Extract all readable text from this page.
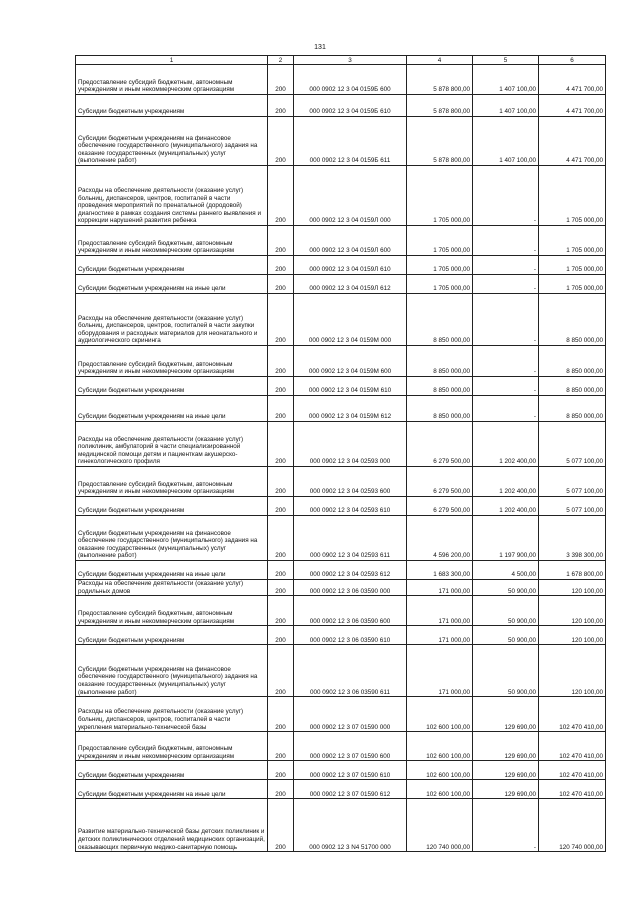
131
1	2	3	4	5	6
Предоставление субсидий бюджетным, автономным учреждениям и иным некоммерческим организациям	200	000 0902 12 3 04 0159Б 600	5 878 800,00	1 407 100,00	4 471 700,00
Субсидии бюджетным учреждениям	200	000 0902 12 3 04 0159Б 610	5 878 800,00	1 407 100,00	4 471 700,00
Субсидии бюджетным учреждениям на финансовое обеспечение государственного (муниципального) задания на оказание государственных (муниципальных) услуг (выполнение работ)	200	000 0902 12 3 04 0159Б 611	5 878 800,00	1 407 100,00	4 471 700,00
Расходы на обеспечение деятельности (оказание услуг) больниц, диспансеров, центров, госпиталей в части проведения мероприятий по пренатальной (дородовой) диагностике в рамках создания системы раннего выявления и коррекции нарушений развития ребенка	200	000 0902 12 3 04 0159Л 000	1 705 000,00	-	1 705 000,00
Предоставление субсидий бюджетным, автономным учреждениям и иным некоммерческим организациям	200	000 0902 12 3 04 0159Л 600	1 705 000,00	-	1 705 000,00
Субсидии бюджетным учреждениям	200	000 0902 12 3 04 0159Л 610	1 705 000,00	-	1 705 000,00
Субсидии бюджетным учреждениям на иные цели	200	000 0902 12 3 04 0159Л 612	1 705 000,00	-	1 705 000,00
Расходы на обеспечение деятельности (оказание услуг) больниц, диспансеров, центров, госпиталей в части закупки оборудования и расходных материалов для неонатального и аудиологического скрининга	200	000 0902 12 3 04 0159М 000	8 850 000,00	-	8 850 000,00
Предоставление субсидий бюджетным, автономным учреждениям и иным некоммерческим организациям	200	000 0902 12 3 04 0159М 600	8 850 000,00	-	8 850 000,00
Субсидии бюджетным учреждениям	200	000 0902 12 3 04 0159М 610	8 850 000,00	-	8 850 000,00
Субсидии бюджетным учреждениям на иные цели	200	000 0902 12 3 04 0159М 612	8 850 000,00	-	8 850 000,00
Расходы на обеспечение деятельности (оказание услуг) поликлиник, амбулаторий в части специализированной медицинской помощи детям и пациенткам акушерско-гинекологического профиля	200	000 0902 12 3 04 02593 000	6 279 500,00	1 202 400,00	5 077 100,00
Предоставление субсидий бюджетным, автономным учреждениям и иным некоммерческим организациям	200	000 0902 12 3 04 02593 600	6 279 500,00	1 202 400,00	5 077 100,00
Субсидии бюджетным учреждениям	200	000 0902 12 3 04 02593 610	6 279 500,00	1 202 400,00	5 077 100,00
Субсидии бюджетным учреждениям на финансовое обеспечение государственного (муниципального) задания на оказание государственных (муниципальных) услуг (выполнение работ)	200	000 0902 12 3 04 02593 611	4 596 200,00	1 197 900,00	3 398 300,00
Субсидии бюджетным учреждениям на иные цели	200	000 0902 12 3 04 02593 612	1 683 300,00	4 500,00	1 678 800,00
Расходы на обеспечение деятельности (оказание услуг) родильных домов	200	000 0902 12 3 06 03590 000	171 000,00	50 900,00	120 100,00
Предоставление субсидий бюджетным, автономным учреждениям и иным некоммерческим организациям	200	000 0902 12 3 06 03590 600	171 000,00	50 900,00	120 100,00
Субсидии бюджетным учреждениям	200	000 0902 12 3 06 03590 610	171 000,00	50 900,00	120 100,00
Субсидии бюджетным учреждениям на финансовое обеспечение государственного (муниципального) задания на оказание государственных (муниципальных) услуг (выполнение работ)	200	000 0902 12 3 06 03590 611	171 000,00	50 900,00	120 100,00
Расходы на обеспечение деятельности (оказание услуг) больниц, диспансеров, центров, госпиталей в части укрепления материально-технической базы	200	000 0902 12 3 07 01590 000	102 600 100,00	129 690,00	102 470 410,00
Предоставление субсидий бюджетным, автономным учреждениям и иным некоммерческим организациям	200	000 0902 12 3 07 01590 600	102 600 100,00	129 690,00	102 470 410,00
Субсидии бюджетным учреждениям	200	000 0902 12 3 07 01590 610	102 600 100,00	129 690,00	102 470 410,00
Субсидии бюджетным учреждениям на иные цели	200	000 0902 12 3 07 01590 612	102 600 100,00	129 690,00	102 470 410,00
Развитие материально-технической базы детских поликлиник и детских поликлинических отделений медицинских организаций, оказывающих первичную медико-санитарную помощь	200	000 0902 12 3 N4 51700 000	120 740 000,00	-	120 740 000,00
